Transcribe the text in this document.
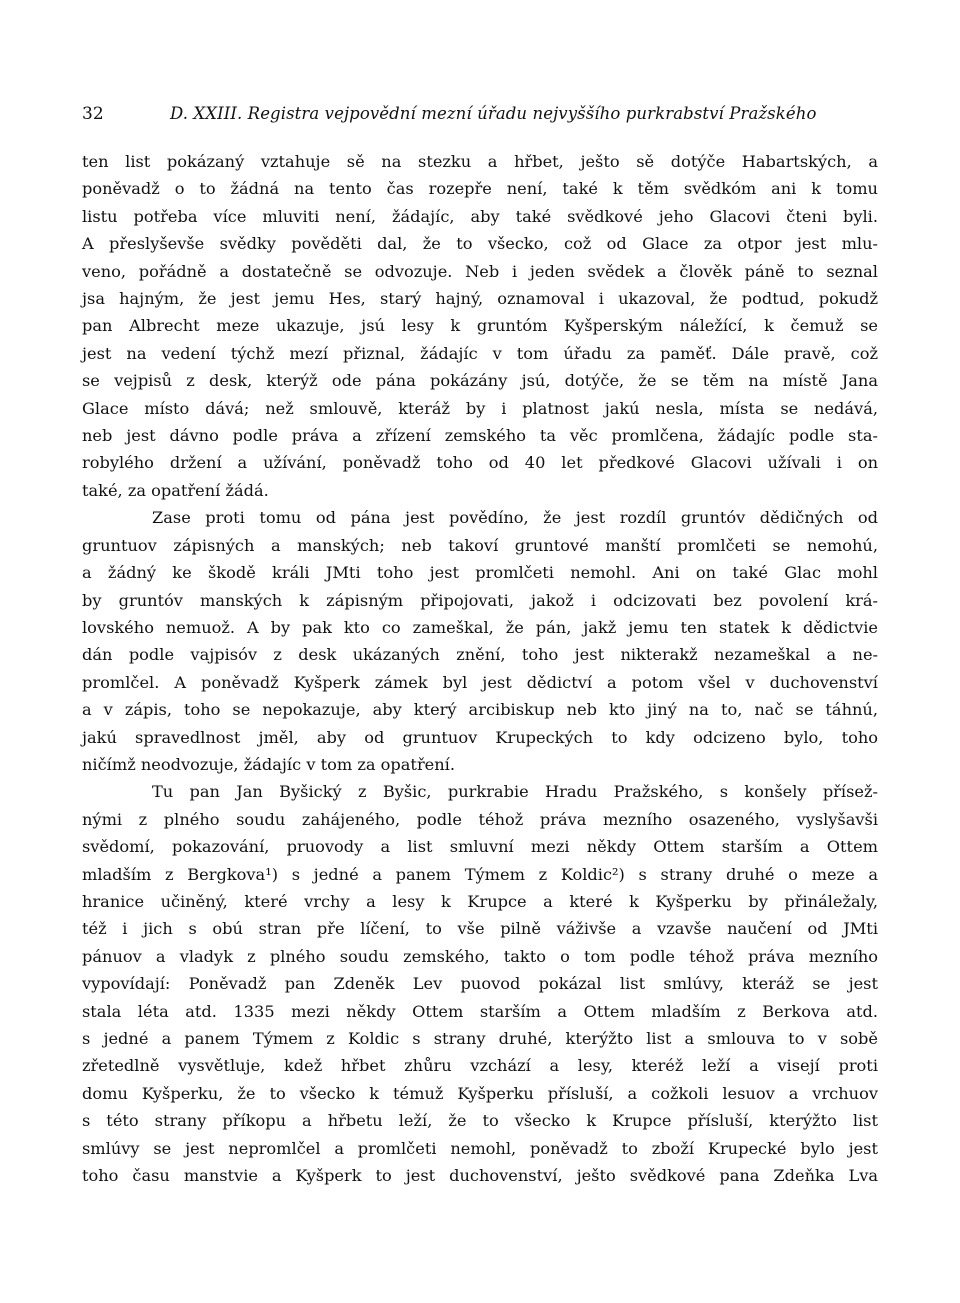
32	D. XXIII. Registra vejpovědní mezní úřadu nejvyššího purkrabství Pražského
ten list pokázaný vztahuje sě na stezku a hřbet, ješto sě dotýče Habartských, a
poněvadž o to žádná na tento čas rozepře není, také k těm svědkóm ani k tomu
listu potřeba více mluviti není, žádajíc, aby také svědkové jeho Glacovi čteni byli.
A přeslyševše svědky pověděti dal, že to všecko, což od Glace za otpor jest mlu-
veno, pořádně a dostatečně se odvozuje. Neb i jeden svědek a člověk páně to seznal
jsa hajným, že jest jemu Hes, starý hajný, oznamoval i ukazoval, že podtud, pokudž
pan Albrecht meze ukazuje, jsú lesy k gruntóm Kyšperským náležící, k čemuž se
jest na vedení týchž mezí přiznal, žádajíc v tom úřadu za paměť. Dále pravě, což
se vejpisů z desk, kterýž ode pána pokázány jsú, dotýče, že se těm na místě Jana
Glace místo dává; než smlouvě, kteráž by i platnost jakú nesla, místa se nedává,
neb jest dávno podle práva a zřízení zemského ta věc promlčena, žádajíc podle sta-
robylého držení a užívání, poněvadž toho od 40 let předkové Glacovi užívali i on
také, za opatření žádá.
Zase proti tomu od pána jest povědíno, že jest rozdíl gruntóv dědičných od
gruntuov zápisných a manských; neb takoví gruntové manští promlčeti se nemohú,
a žádný ke škodě králi JMti toho jest promlčeti nemohl. Ani on také Glac mohl
by gruntóv manských k zápisným připojovati, jakož i odcizovati bez povolení krá-
lovského nemuož. A by pak kto co zameškal, že pán, jakž jemu ten statek k dědictvie
dán podle vajpisóv z desk ukázaných znění, toho jest nikterakž nezameškal a ne-
promlčel. A poněvadž Kyšperk zámek byl jest dědictví a potom všel v duchovenství
a v zápis, toho se nepokazuje, aby který arcibiskup neb kto jiný na to, nač se táhnú,
jakú spravedlnost jměl, aby od gruntuov Krupeckých to kdy odcizeno bylo, toho
ničímž neodvozuje, žádajíc v tom za opatření.
Tu pan Jan Byšický z Byšic, purkrabie Hradu Pražského, s konšely přísež-
nými z plného soudu zahájeného, podle téhož práva mezního osazeného, vyslyšavši
svědomí, pokazování, pruovody a list smluvní mezi někdy Ottem starším a Ottem
mladším z Bergkova¹) s jedné a panem Týmem z Koldic²) s strany druhé o meze a
hranice učiněný, které vrchy a lesy k Krupce a které k Kyšperku by přináležaly,
též i jich s obú stran pře líčení, to vše pilně váživše a vzavše naučení od JMti
pánuov a vladyk z plného soudu zemského, takto o tom podle téhož práva mezního
vypovídají: Poněvadž pan Zdeněk Lev puovod pokázal list smlúvy, kteráž se jest
stala léta atd. 1335 mezi někdy Ottem starším a Ottem mladším z Berkova atd.
s jedné a panem Týmem z Koldic s strany druhé, kterýžto list a smlouva to v sobě
zřetedlně vysvětluje, kdež hřbet zhůru vzchází a lesy, kteréž leží a visejí proti
domu Kyšperku, že to všecko k témuž Kyšperku přísluší, a cožkoli lesuov a vrchuov
s této strany příkopu a hřbetu leží, že to všecko k Krupce přísluší, kterýžto list
smlúvy se jest nepromlčel a promlčeti nemohl, poněvadž to zboží Krupecké bylo jest
toho času manstvie a Kyšperk to jest duchovenství, ješto svědkové pana Zdeňka Lva
